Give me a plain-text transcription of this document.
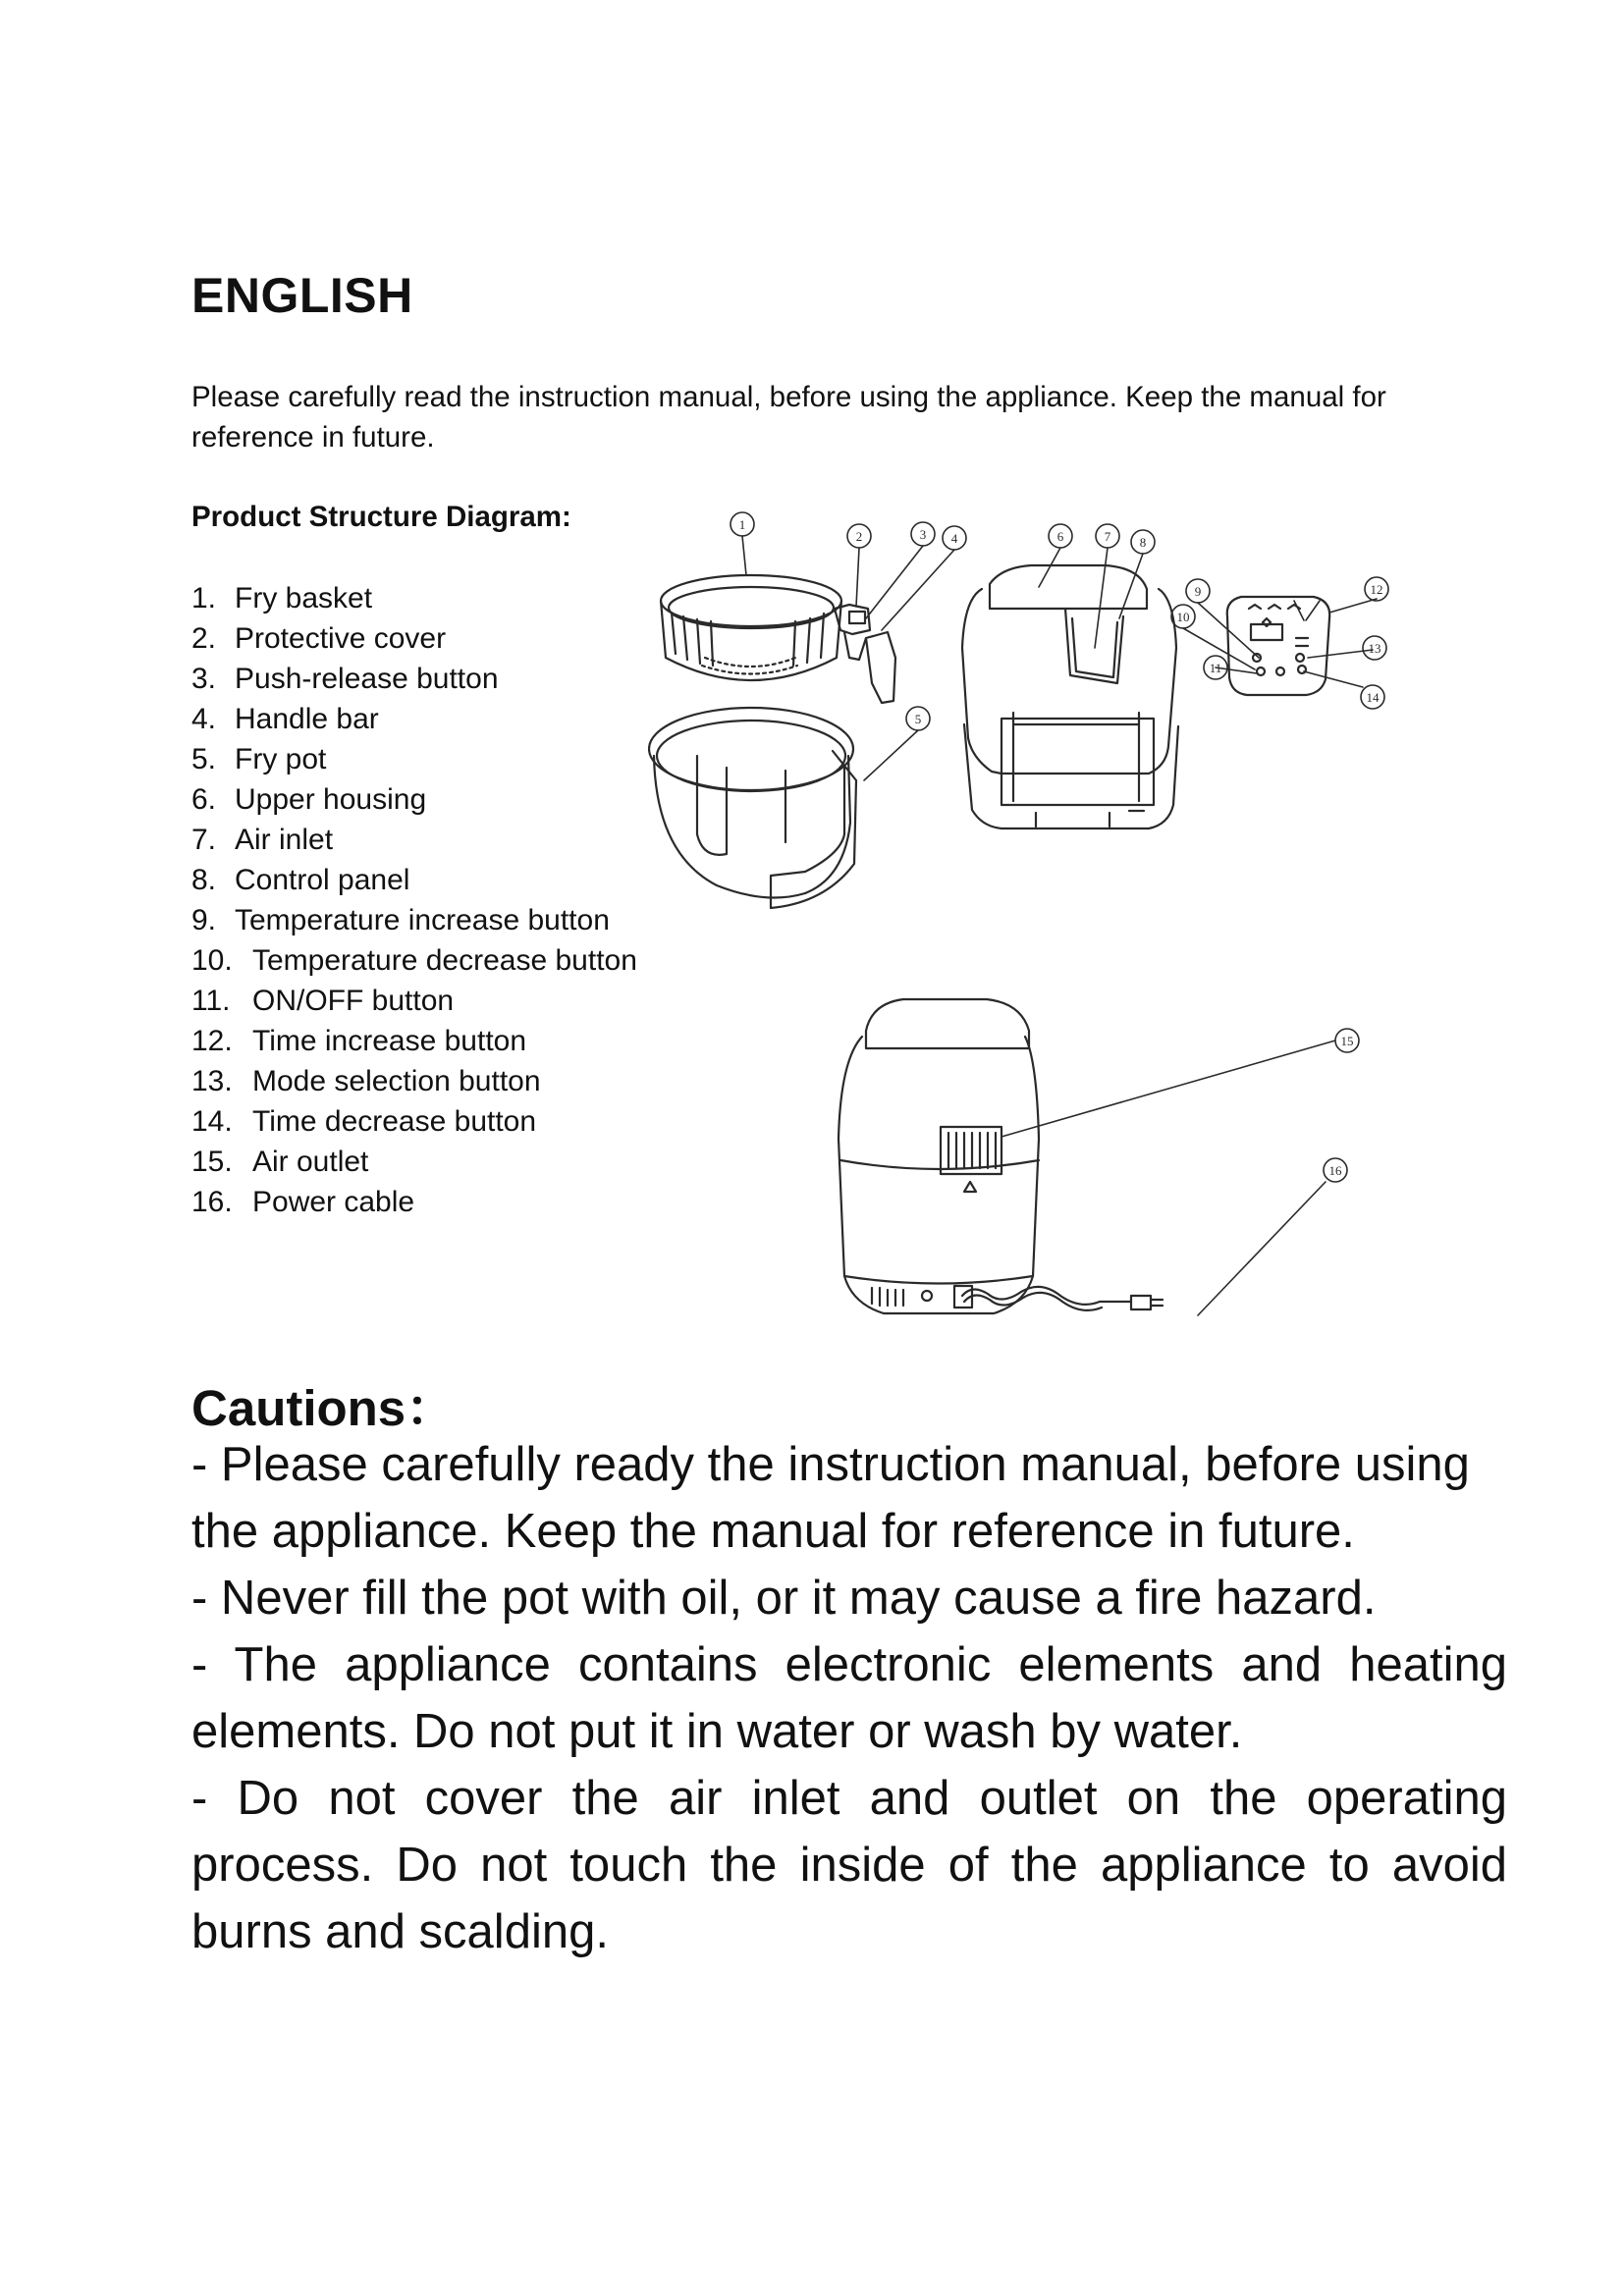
ENGLISH

Please carefully read the instruction manual, before using the appliance. Keep the manual for reference in future.

Product Structure Diagram:
1. Fry basket
2. Protective cover
3. Push-release button
4. Handle bar
5. Fry pot
6. Upper housing
7. Air inlet
8. Control panel
9. Temperature increase button
10. Temperature decrease button
11. ON/OFF button
12. Time increase button
13. Mode selection button
14. Time decrease button
15. Air outlet
16. Power cable
1
2	3 4
5
6	7 8
9
10
11
12
13
14
15
16
Cautions：

- Please carefully ready the instruction manual, before using the appliance. Keep the manual for reference in future.

- Never fill the pot with oil, or it may cause a fire hazard.

- The appliance contains electronic elements and heating elements. Do not put it in water or wash by water.

- Do not cover the air inlet and outlet on the operating process. Do not touch the inside of the appliance to avoid burns and scalding.
